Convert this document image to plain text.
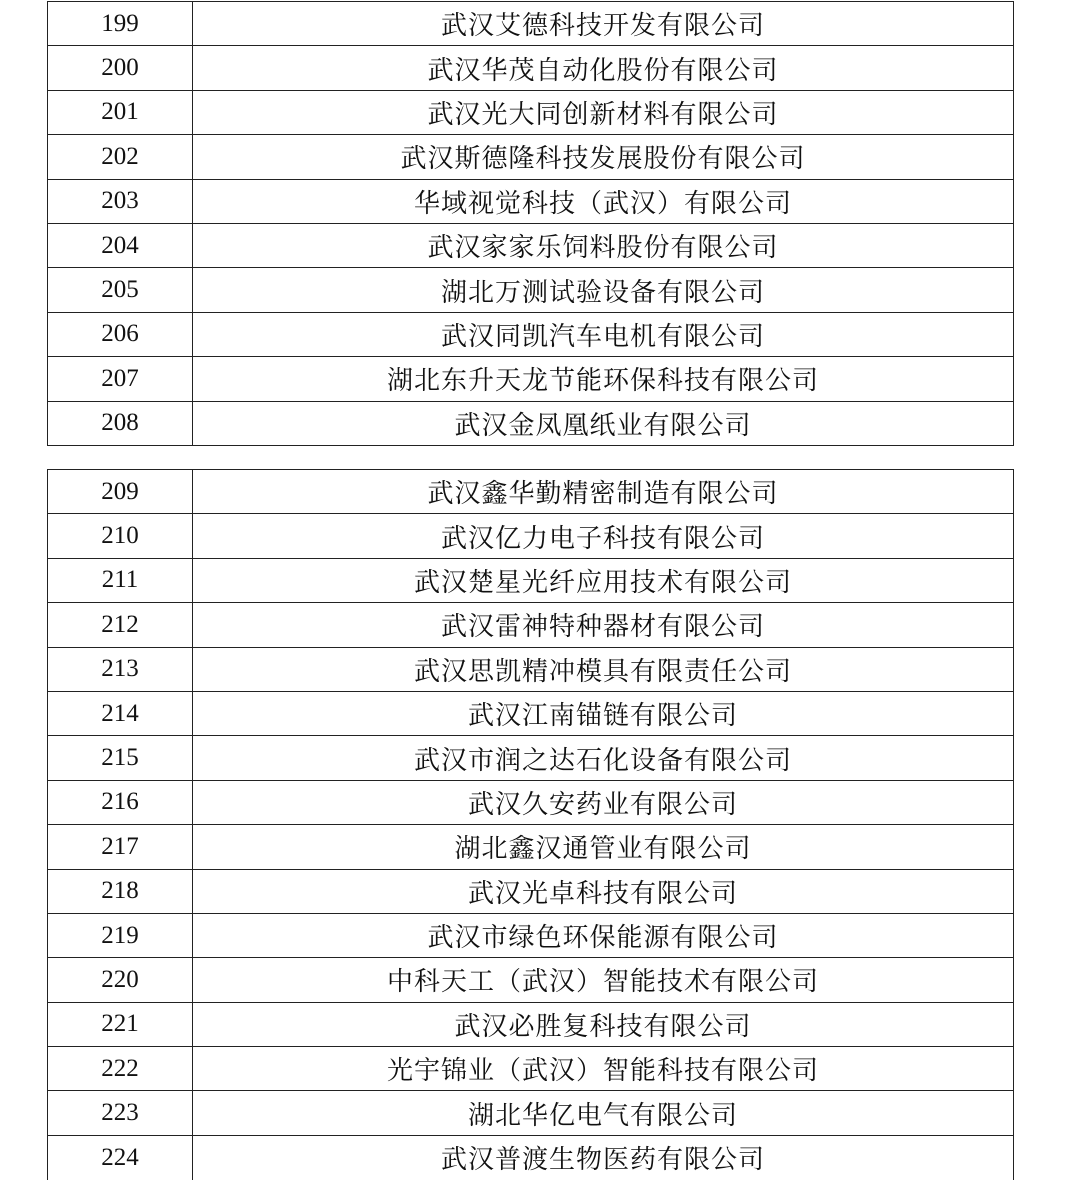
199	武汉艾德科技开发有限公司
200	武汉华茂自动化股份有限公司
201	武汉光大同创新材料有限公司
202	武汉斯德隆科技发展股份有限公司
203	华域视觉科技（武汉）有限公司
204	武汉家家乐饲料股份有限公司
205	湖北万测试验设备有限公司
206	武汉同凯汽车电机有限公司
207	湖北东升天龙节能环保科技有限公司
208	武汉金凤凰纸业有限公司
209	武汉鑫华勤精密制造有限公司
210	武汉亿力电子科技有限公司
211	武汉楚星光纤应用技术有限公司
212	武汉雷神特种器材有限公司
213	武汉思凯精冲模具有限责任公司
214	武汉江南锚链有限公司
215	武汉市润之达石化设备有限公司
216	武汉久安药业有限公司
217	湖北鑫汉通管业有限公司
218	武汉光卓科技有限公司
219	武汉市绿色环保能源有限公司
220	中科天工（武汉）智能技术有限公司
221	武汉必胜复科技有限公司
222	光宇锦业（武汉）智能科技有限公司
223	湖北华亿电气有限公司
224	武汉普渡生物医药有限公司
